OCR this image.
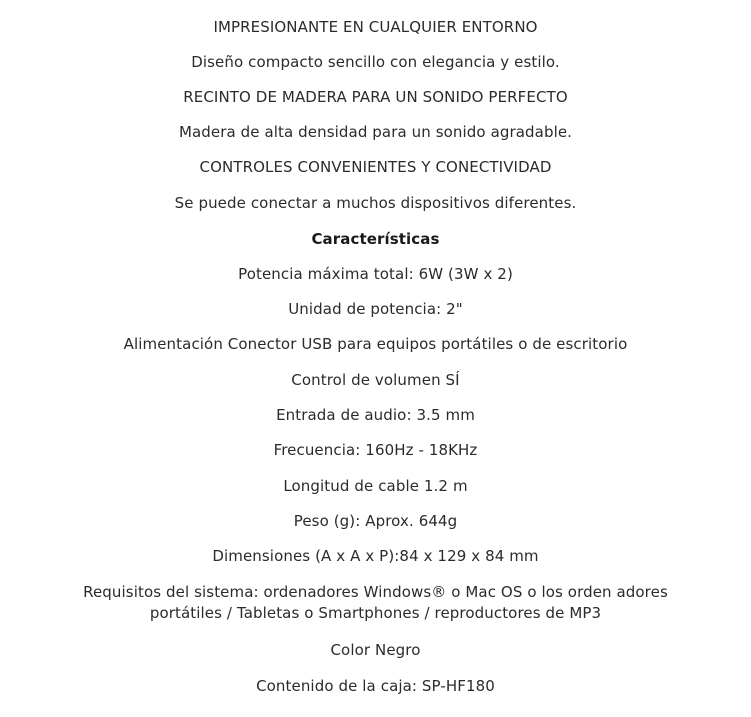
IMPRESIONANTE EN CUALQUIER ENTORNO
Diseño compacto sencillo con elegancia y estilo.
RECINTO DE MADERA PARA UN SONIDO PERFECTO
Madera de alta densidad para un sonido agradable.
CONTROLES CONVENIENTES Y CONECTIVIDAD
Se puede conectar a muchos dispositivos diferentes.
Características
Potencia máxima total: 6W (3W x 2)
Unidad de potencia: 2"
Alimentación Conector USB para equipos portátiles o de escritorio
Control de volumen SÍ
Entrada de audio: 3.5 mm
Frecuencia: 160Hz - 18KHz
Longitud de cable 1.2 m
Peso (g): Aprox. 644g
Dimensiones (A x A x P):84 x 129 x 84 mm
Requisitos del sistema: ordenadores Windows® o Mac OS o los orden adores
portátiles / Tabletas o Smartphones / reproductores de MP3
Color Negro
Contenido de la caja: SP-HF180
